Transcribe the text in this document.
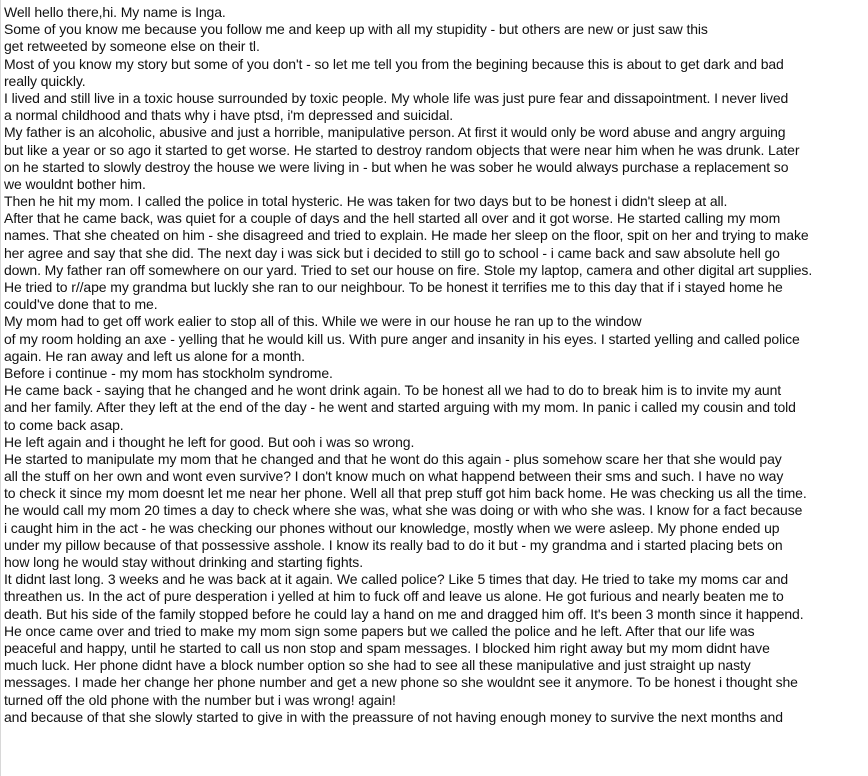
Well hello there,hi. My name is Inga.
Some of you know me because you follow me and keep up with all my stupidity - but others are new or just saw this
get retweeted by someone else on their tl.
Most of you know my story but some of you don't - so let me tell you from the begining because this is about to get dark and bad
really quickly.
I lived and still live in a toxic house surrounded by toxic people. My whole life was just pure fear and dissapointment. I never lived
a normal childhood and thats why i have ptsd, i'm depressed and suicidal.
My father is an alcoholic, abusive and just a horrible, manipulative person. At first it would only be word abuse and angry arguing
but like a year or so ago it started to get worse. He started to destroy random objects that were near him when he was drunk. Later
on he started to slowly destroy the house we were living in - but when he was sober he would always purchase a replacement so
we wouldnt bother him.
Then he hit my mom. I called the police in total hysteric. He was taken for two days but to be honest i didn't sleep at all.
After that he came back, was quiet for a couple of days and the hell started all over and it got worse. He started calling my mom
names. That she cheated on him - she disagreed and tried to explain. He made her sleep on the floor, spit on her and trying to make
her agree and say that she did. The next day i was sick but i decided to still go to school - i came back and saw absolute hell go
down. My father ran off somewhere on our yard. Tried to set our house on fire. Stole my laptop, camera and other digital art supplies.
He tried to r//ape my grandma but luckly she ran to our neighbour. To be honest it terrifies me to this day that if i stayed home he
could've done that to me.
My mom had to get off work ealier to stop all of this. While we were in our house he ran up to the window
of my room holding an axe - yelling that he would kill us. With pure anger and insanity in his eyes. I started yelling and called police
again. He ran away and left us alone for a month.
Before i continue - my mom has stockholm syndrome.
He came back - saying that he changed and he wont drink again. To be honest all we had to do to break him is to invite my aunt
and her family. After they left at the end of the day - he went and started arguing with my mom. In panic i called my cousin and told
to come back asap.
He left again and i thought he left for good. But ooh i was so wrong.
He started to manipulate my mom that he changed and that he wont do this again - plus somehow scare her that she would pay
all the stuff on her own and wont even survive? I don't know much on what happend between their sms and such. I have no way
to check it since my mom doesnt let me near her phone. Well all that prep stuff got him back home. He was checking us all the time.
he would call my mom 20 times a day to check where she was, what she was doing or with who she was. I know for a fact because
i caught him in the act - he was checking our phones without our knowledge, mostly when we were asleep. My phone ended up
under my pillow because of that possessive asshole. I know its really bad to do it but - my grandma and i started placing bets on
how long he would stay without drinking and starting fights.
It didnt last long. 3 weeks and he was back at it again. We called police? Like 5 times that day. He tried to take my moms car and
threathen us. In the act of pure desperation i yelled at him to fuck off and leave us alone. He got furious and nearly beaten me to
death. But his side of the family stopped before he could lay a hand on me and dragged him off. It's been 3 month since it happend.
He once came over and tried to make my mom sign some papers but we called the police and he left. After that our life was
peaceful and happy, until he started to call us non stop and spam messages. I blocked him right away but my mom didnt have
much luck. Her phone didnt have a block number option so she had to see all these manipulative and just straight up nasty
messages. I made her change her phone number and get a new phone so she wouldnt see it anymore. To be honest i thought she
turned off the old phone with the number but i was wrong! again!
and because of that she slowly started to give in with the preassure of not having enough money to survive the next months and
